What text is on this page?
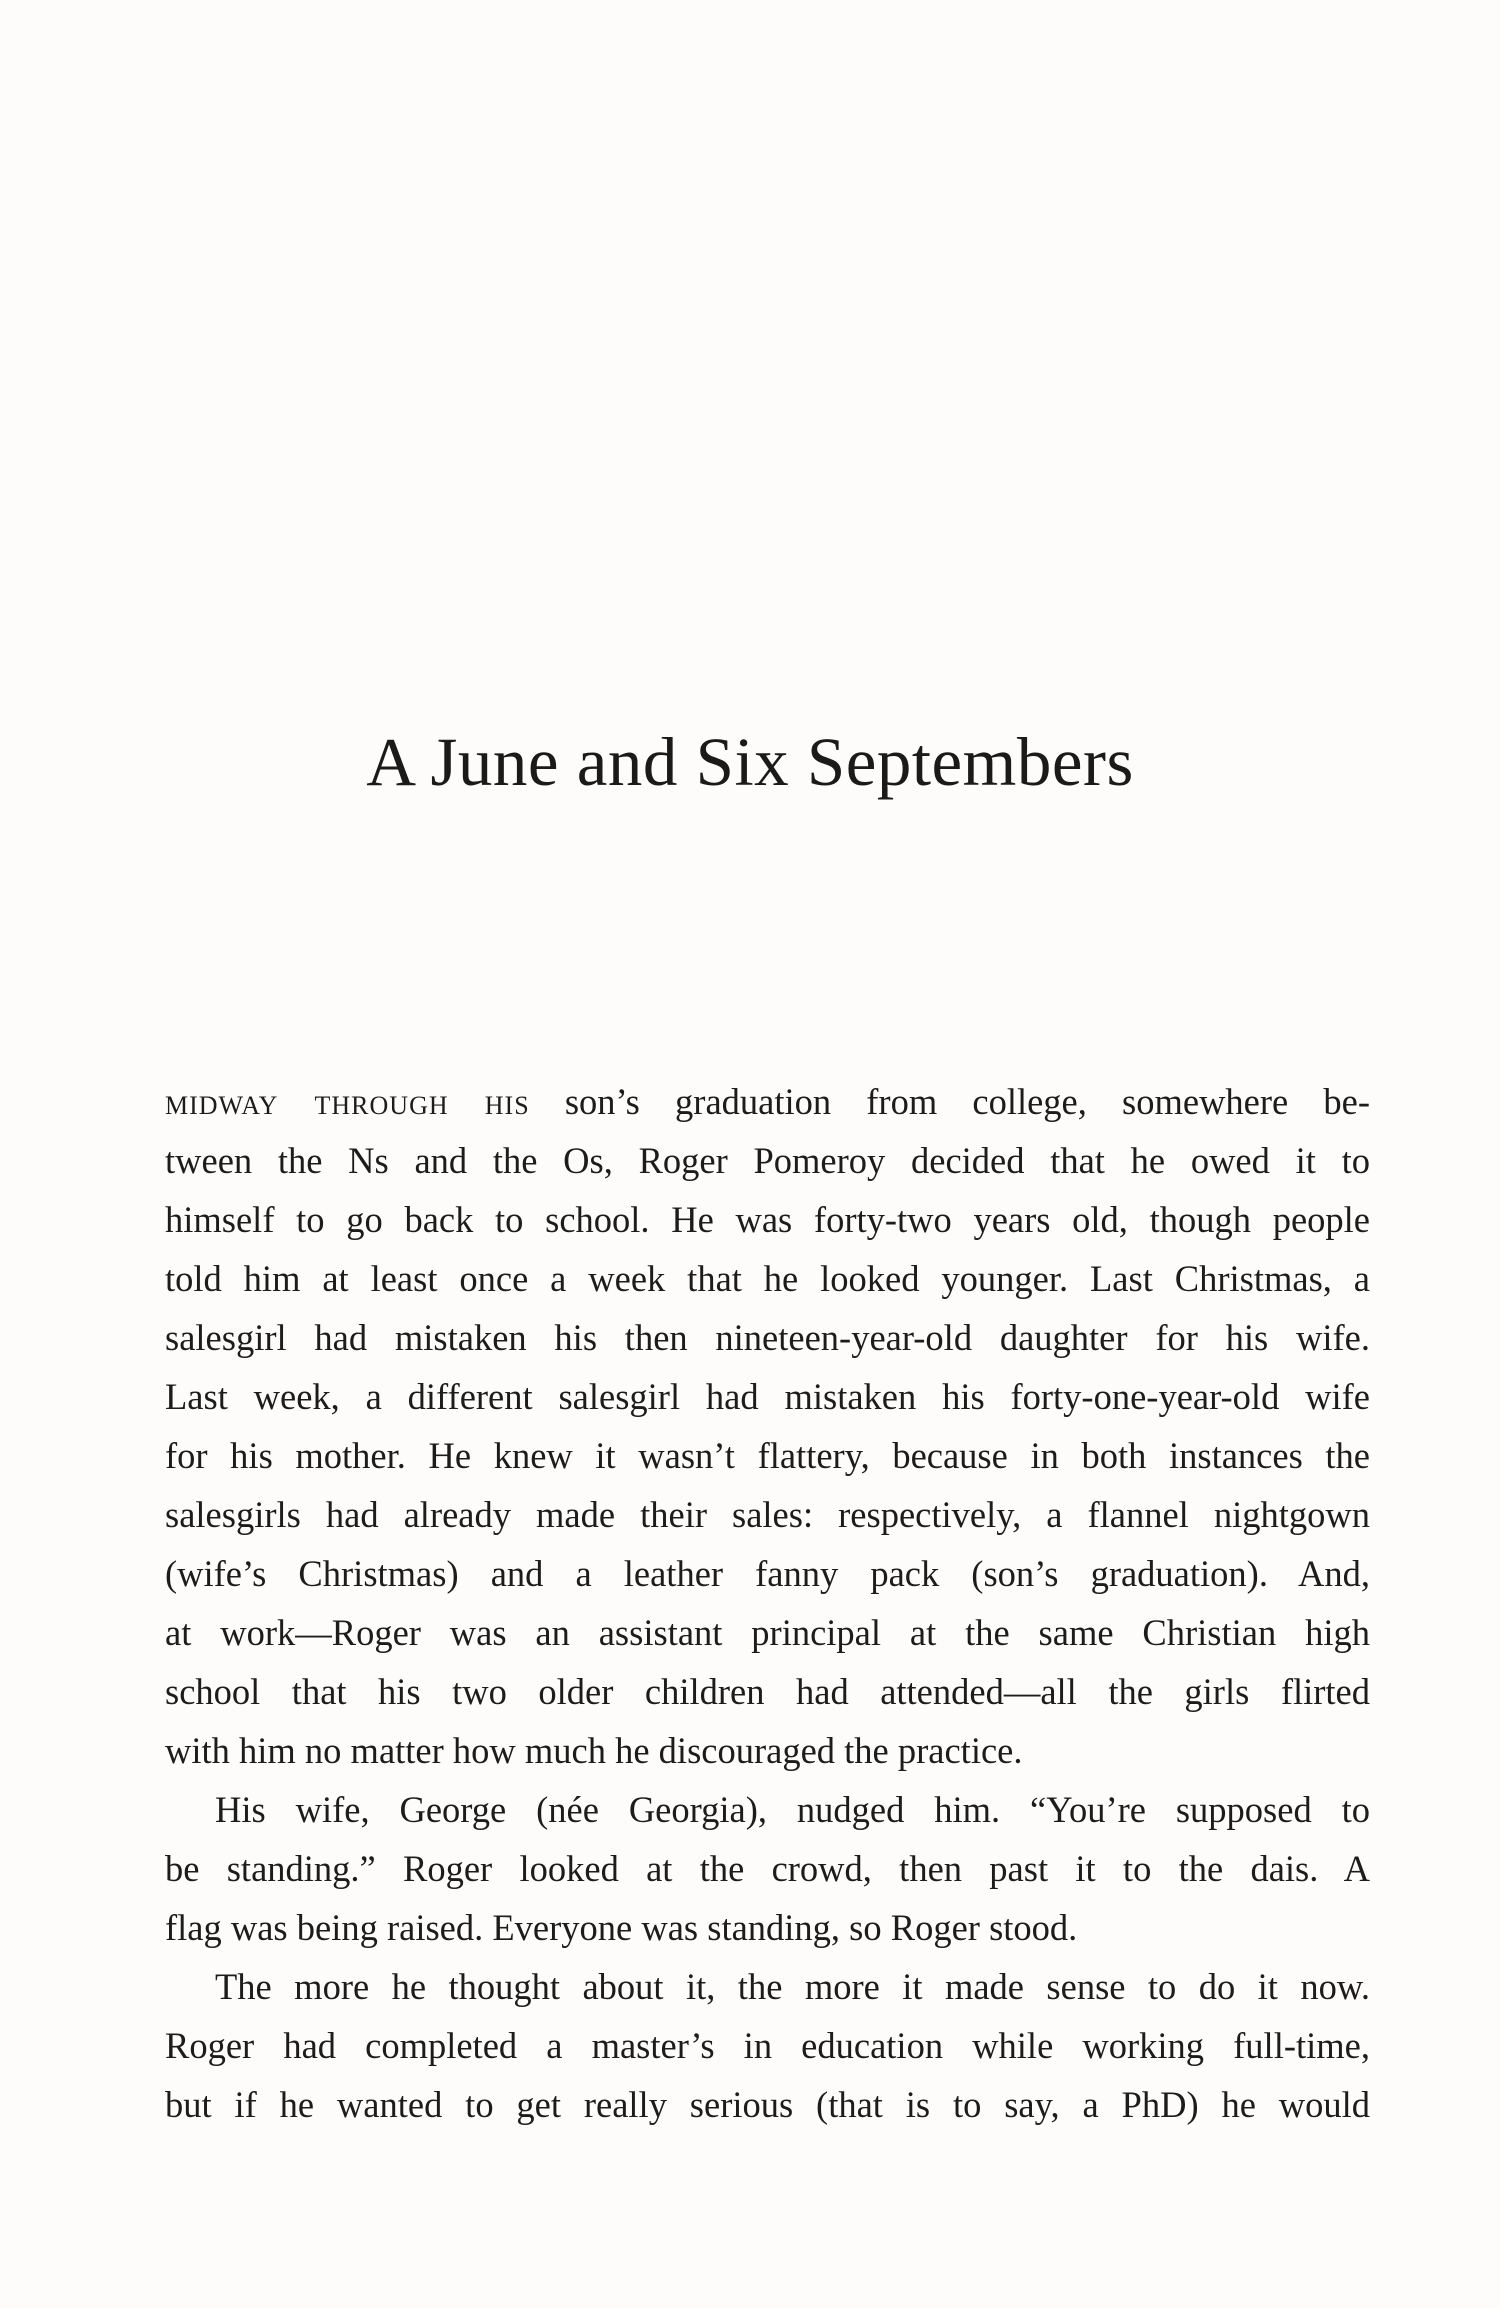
A June and Six Septembers

midway through his son’s graduation from college, somewhere be-
tween the Ns and the Os, Roger Pomeroy decided that he owed it to
himself to go back to school. He was forty-two years old, though people
told him at least once a week that he looked younger. Last Christmas, a
salesgirl had mistaken his then nineteen-year-old daughter for his wife.
Last week, a different salesgirl had mistaken his forty-one-year-old wife
for his mother. He knew it wasn’t flattery, because in both instances the
salesgirls had already made their sales: respectively, a flannel nightgown
(wife’s Christmas) and a leather fanny pack (son’s graduation). And,
at work—Roger was an assistant principal at the same Christian high
school that his two older children had attended—all the girls flirted
with him no matter how much he discouraged the practice.

His wife, George (née Georgia), nudged him. “You’re supposed to
be standing.” Roger looked at the crowd, then past it to the dais. A
flag was being raised. Everyone was standing, so Roger stood.

The more he thought about it, the more it made sense to do it now.
Roger had completed a master’s in education while working full-time,
but if he wanted to get really serious (that is to say, a PhD) he would
